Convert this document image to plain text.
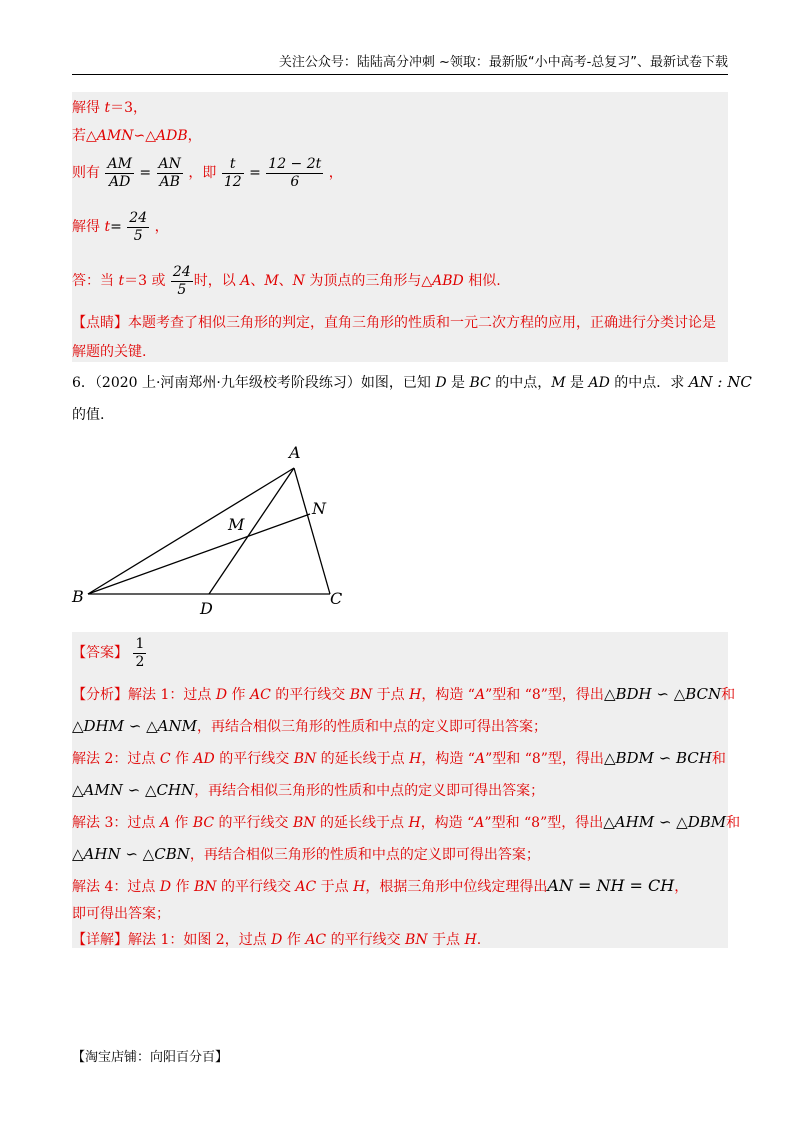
关注公众号：陆陆高分冲刺 ~领取：最新版“小中高考-总复习”、最新试卷下载
解得 t＝3，
若△AMN∽△ADB，
则有 $\frac{AM}{AD} = \frac{AN}{AB}$ ，即 $\frac{t}{12} = \frac{12 - 2t}{6}$ ，
解得 $t= \frac{24}{5}$ ，
答：当 t＝3 或 $\frac{24}{5}$ 时，以 A、M、N 为顶点的三角形与△ABD 相似.
【点睛】本题考查了相似三角形的判定，直角三角形的性质和一元二次方程的应用，正确进行分类讨论是
解题的关键.
6．（2020 上·河南郑州·九年级校考阶段练习）如图，已知 D 是 BC 的中点，M 是 AD 的中点．求 AN : NC
的值.
A
N
M
B
D
C
【答案】 $\frac{1}{2}$
【分析】解法 1：过点 D 作 AC 的平行线交 BN 于点 H，构造 “A”型和 “8”型，得出△BDH ∽ △BCN和
△DHM ∽ △ANM，再结合相似三角形的性质和中点的定义即可得出答案；
解法 2：过点 C 作 AD 的平行线交 BN 的延长线于点 H，构造 “A”型和 “8”型，得出△BDM ∽ BCH和
△AMN ∽ △CHN，再结合相似三角形的性质和中点的定义即可得出答案；
解法 3：过点 A 作 BC 的平行线交 BN 的延长线于点 H，构造 “A”型和 “8”型，得出△AHM ∽ △DBM和
△AHN ∽ △CBN，再结合相似三角形的性质和中点的定义即可得出答案；
解法 4：过点 D 作 BN 的平行线交 AC 于点 H，根据三角形中位线定理得出AN = NH = CH，
即可得出答案；
【详解】解法 1：如图 2，过点 D 作 AC 的平行线交 BN 于点 H.
【淘宝店铺：向阳百分百】
